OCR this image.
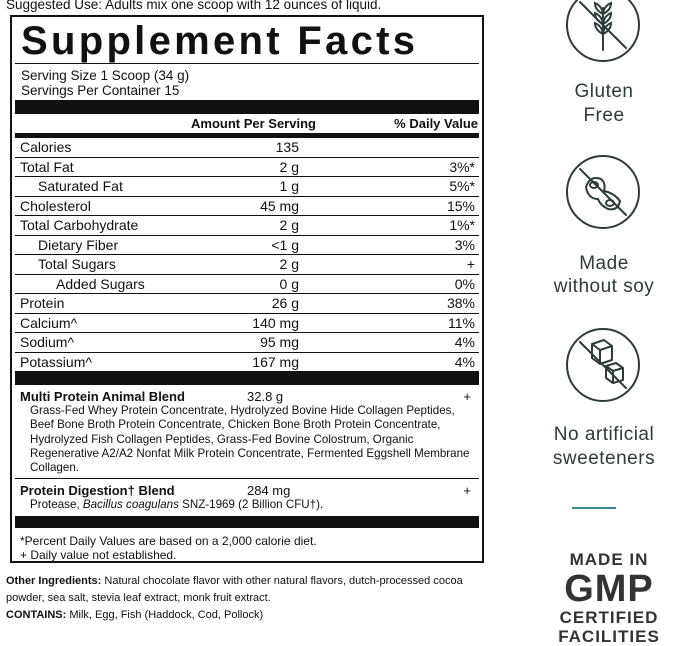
Suggested Use: Adults mix one scoop with 12 ounces of liquid.
Supplement Facts
Serving Size 1 Scoop (34 g)
Servings Per Container 15
Amount Per Serving	% Daily Value
Calories	135
Total Fat	2 g	3%*
Saturated Fat	1 g	5%*
Cholesterol	45 mg	15%
Total Carbohydrate	2 g	1%*
Dietary Fiber	<1 g	3%
Total Sugars	2 g	+
Added Sugars	0 g	0%
Protein	26 g	38%
Calcium^	140 mg	11%
Sodium^	95 mg	4%
Potassium^	167 mg	4%
Multi Protein Animal Blend	32.8 g	+
Grass-Fed Whey Protein Concentrate, Hydrolyzed Bovine Hide Collagen Peptides, Beef Bone Broth Protein Concentrate, Chicken Bone Broth Protein Concentrate, Hydrolyzed Fish Collagen Peptides, Grass-Fed Bovine Colostrum, Organic Regenerative A2/A2 Nonfat Milk Protein Concentrate, Fermented Eggshell Membrane Collagen.
Protein Digestion† Blend	284 mg	+
Protease, Bacillus coagulans SNZ-1969 (2 Billion CFU†).
*Percent Daily Values are based on a 2,000 calorie diet.
+ Daily value not established.
Other Ingredients: Natural chocolate flavor with other natural flavors, dutch-processed cocoa powder, sea salt, stevia leaf extract, monk fruit extract.
CONTAINS: Milk, Egg, Fish (Haddock, Cod, Pollock)
Gluten
Free
Made
without soy
No artificial
sweeteners
MADE IN
GMP
CERTIFIED
FACILITIES
